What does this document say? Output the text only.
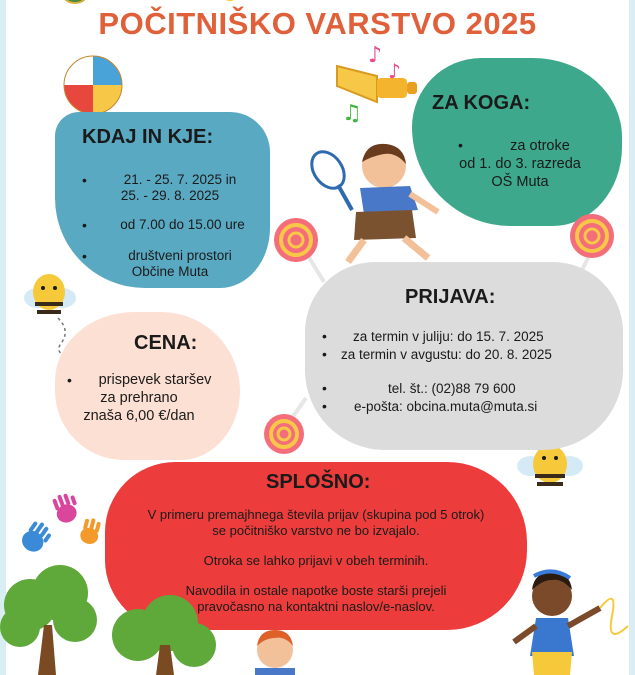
POČITNIŠKO VARSTVO 2025
♪
♪
♫
KDAJ IN KJE:
•	21. - 25. 7. 2025 in
25. - 29. 8. 2025
•	od 7.00 do 15.00 ure
•	društveni prostori
Občine Muta
ZA KOGA:
•	za otroke
od 1. do 3. razreda
OŠ Muta
PRIJAVA:
• za termin v juliju: do 15. 7. 2025
• za termin v avgustu: do 20. 8. 2025
•	tel. št.: (02)88 79 600
• e-pošta: obcina.muta@muta.si
CENA:
•	prispevek staršev
za prehrano
znaša 6,00 €/dan
SPLOŠNO:
V primeru premajhnega števila prijav (skupina pod 5 otrok)
se počitniško varstvo ne bo izvajalo.
Otroka se lahko prijavi v obeh terminih.
Navodila in ostale napotke boste starši prejeli
pravočasno na kontaktni naslov/e-naslov.
